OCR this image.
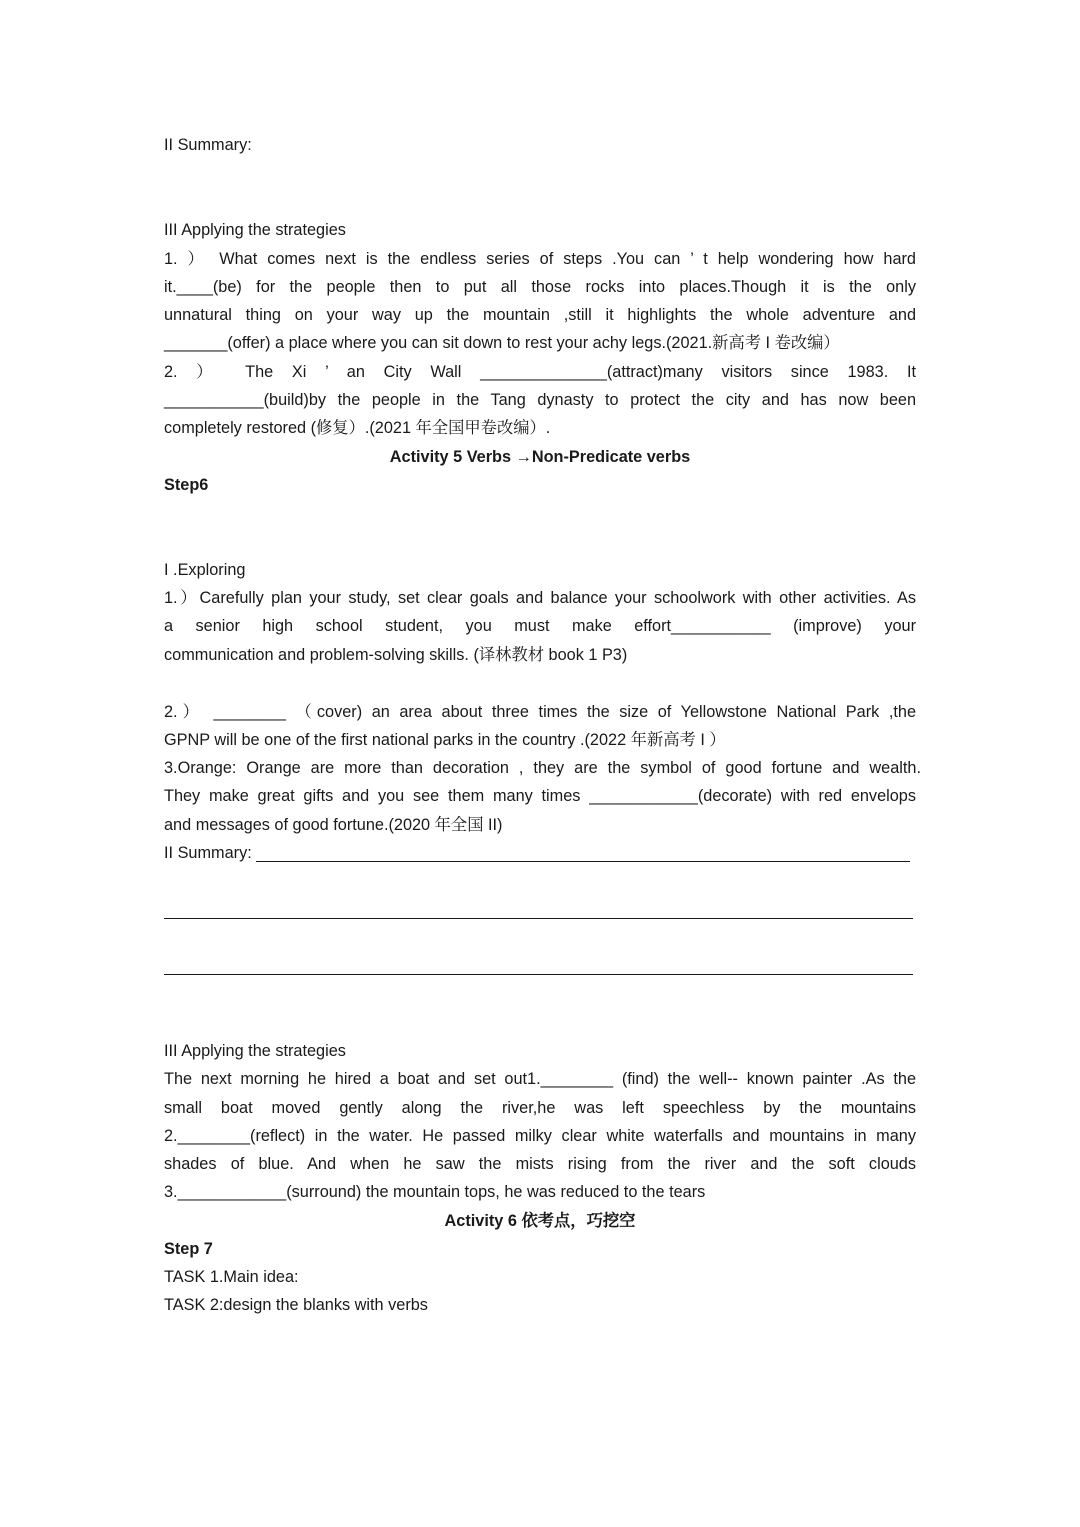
II Summary:
III Applying the strategies
1. ） What comes next is the endless series of steps .You can ’ t help wondering how hard
it.____(be) for the people then to put all those rocks into places.Though it is the only
unnatural thing on your way up the mountain ,still it highlights the whole adventure and
_______(offer) a place where you can sit down to rest your achy legs.(2021.新高考 I 卷改编）
2. ） The Xi ’ an City Wall ______________(attract)many visitors since 1983. It
___________(build)by the people in the Tang dynasty to protect the city and has now been
completely restored (修复）.(2021 年全国甲卷改编）.
Activity 5 Verbs →Non-Predicate verbs
Step6
I .Exploring
1.）Carefully plan your study, set clear goals and balance your schoolwork with other activities. As
a senior high school student, you must make effort___________ (improve) your
communication and problem-solving skills. (译林教材 book 1 P3)
2.） ________ （cover) an area about three times the size of Yellowstone National Park ,the
GPNP will be one of the first national parks in the country .(2022 年新高考 I ）
3.Orange: Orange are more than decoration , they are the symbol of good fortune and wealth.
They make great gifts and you see them many times ____________(decorate) with red envelops
and messages of good fortune.(2020 年全国 II)
II Summary:
III Applying the strategies
The next morning he hired a boat and set out1.________ (find) the well-- known painter .As the
small boat moved gently along the river,he was left speechless by the mountains
2.________(reflect) in the water. He passed milky clear white waterfalls and mountains in many
shades of blue. And when he saw the mists rising from the river and the soft clouds
3.____________(surround) the mountain tops, he was reduced to the tears
Activity 6 依考点，巧挖空
Step 7
TASK 1.Main idea:
TASK 2:design the blanks with verbs
